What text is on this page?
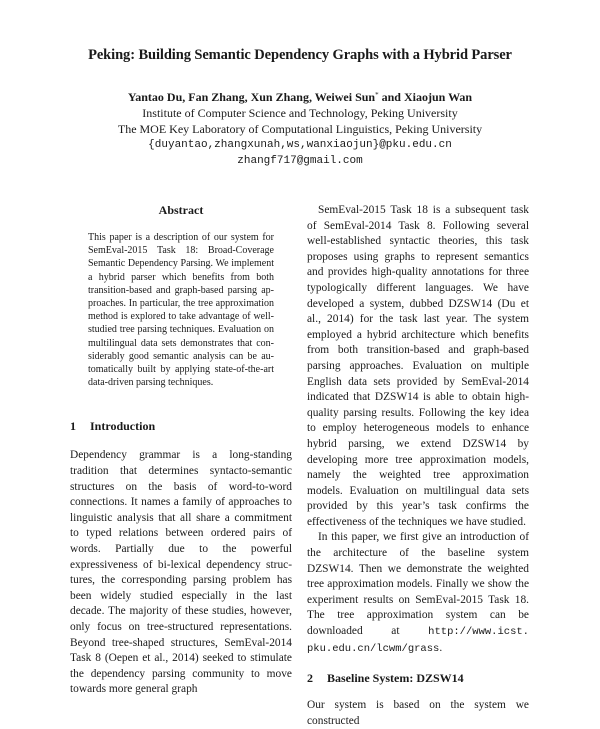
Peking: Building Semantic Dependency Graphs with a Hybrid Parser
Yantao Du, Fan Zhang, Xun Zhang, Weiwei Sun* and Xiaojun Wan
Institute of Computer Science and Technology, Peking University
The MOE Key Laboratory of Computational Linguistics, Peking University
{duyantao,zhangxunah,ws,wanxiaojun}@pku.edu.cn
zhangf717@gmail.com
Abstract

This paper is a description of our system for SemEval-2015 Task 18: Broad-Coverage Semantic Dependency Parsing. We implement a hybrid parser which benefits from both transition-based and graph-based parsing approaches. In particular, the tree approximation method is explored to take advantage of well-studied tree parsing techniques. Evaluation on multilingual data sets demonstrates that considerably good semantic analysis can be automatically built by applying state-of-the-art data-driven parsing techniques.

1 Introduction

Dependency grammar is a long-standing tradition that determines syntacto-semantic structures on the basis of word-to-word connections. It names a family of approaches to linguistic analysis that all share a commitment to typed relations between ordered pairs of words. Partially due to the powerful expressiveness of bi-lexical dependency structures, the corresponding parsing problem has been widely studied especially in the last decade. The majority of these studies, however, only focus on tree-structured representations. Beyond tree-shaped structures, SemEval-2014 Task 8 (Oepen et al., 2014) seeked to stimulate the dependency parsing community to move towards more general graph

SemEval-2015 Task 18 is a subsequent task of SemEval-2014 Task 8. Following several well-established syntactic theories, this task proposes using graphs to represent semantics and provides high-quality annotations for three typologically different languages. We have developed a system, dubbed DZSW14 (Du et al., 2014) for the task last year. The system employed a hybrid architecture which benefits from both transition-based and graph-based parsing approaches. Evaluation on multiple English data sets provided by SemEval-2014 indicated that DZSW14 is able to obtain high-quality parsing results. Following the key idea to employ heterogeneous models to enhance hybrid parsing, we extend DZSW14 by developing more tree approximation models, namely the weighted tree approximation models. Evaluation on multilingual data sets provided by this year’s task confirms the effectiveness of the techniques we have studied.

In this paper, we first give an introduction of the architecture of the baseline system DZSW14. Then we demonstrate the weighted tree approximation models. Finally we show the experiment results on SemEval-2015 Task 18. The tree approximation system can be downloaded at http://www.icst. pku.edu.cn/lcwm/grass.

2 Baseline System: DZSW14

Our system is based on the system we constructed
